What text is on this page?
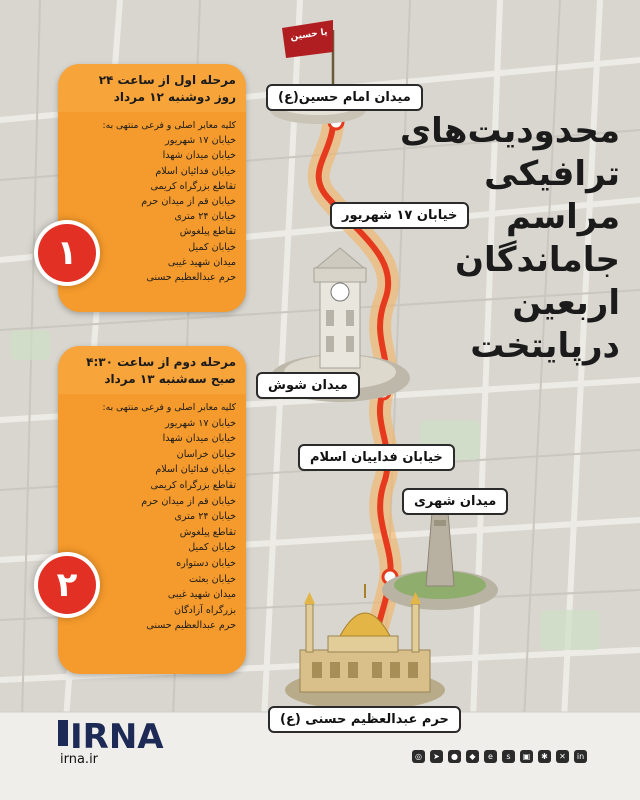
یا حسین
محدودیت‌های
ترافیکی
مراسم
جاماندگان
اربعین
درپایتخت
مرحله اول از ساعت ۲۴
روز دوشنبه ۱۲ مرداد
کلیه معابر اصلی و فرعی منتهی به:
خیابان ۱۷ شهریور
خیابان میدان شهدا
خیابان فدائیان اسلام
تقاطع بزرگراه کریمی
خیابان قم از میدان حرم
خیابان ۲۴ متری
تقاطع پیلغوش
خیابان کمیل
میدان شهید غیبی
حرم عبدالعظیم حسنی
۱
مرحله دوم از ساعت ۴:۳۰
صبح سه‌شنبه ۱۳ مرداد
کلیه معابر اصلی و فرعی منتهی به:
خیابان ۱۷ شهریور
خیابان میدان شهدا
خیابان خراسان
خیابان فدائیان اسلام
تقاطع بزرگراه کریمی
خیابان قم از میدان حرم
خیابان ۲۴ متری
تقاطع پیلغوش
خیابان کمیل
خیابان دستواره
خیابان بعثت
میدان شهید غیبی
بزرگراه آزادگان
حرم عبدالعظیم حسنی
۲
میدان امام حسین(ع)
خیابان ۱۷ شهریور
میدان شوش
خیابان فداییان اسلام
میدان شهری
حرم عبدالعظیم حسنی (ع)
IRNA
irna.ir	◎	➤	●	◆	e	s	▣	✱	✕	in
